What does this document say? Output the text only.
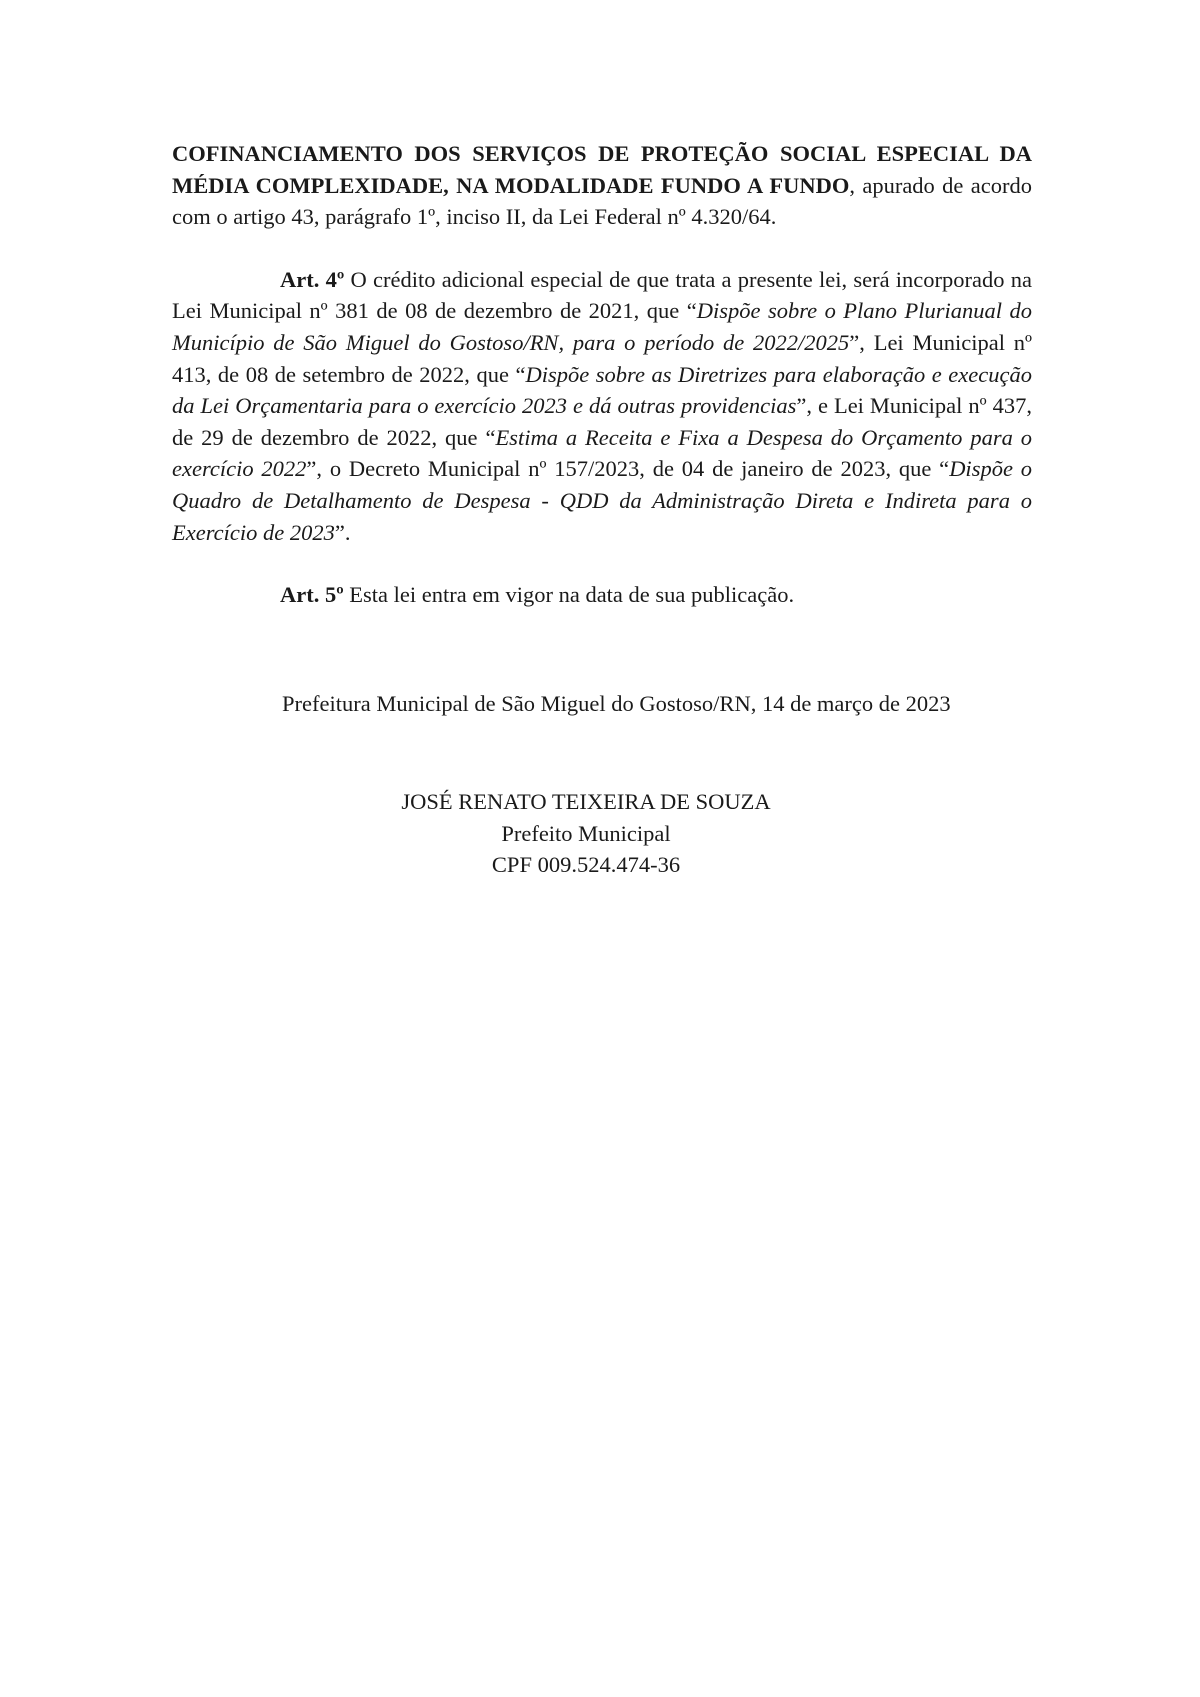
COFINANCIAMENTO DOS SERVIÇOS DE PROTEÇÃO SOCIAL ESPECIAL DA MÉDIA COMPLEXIDADE, NA MODALIDADE FUNDO A FUNDO, apurado de acordo com o artigo 43, parágrafo 1º, inciso II, da Lei Federal nº 4.320/64.

Art. 4º O crédito adicional especial de que trata a presente lei, será incorporado na Lei Municipal nº 381 de 08 de dezembro de 2021, que “Dispõe sobre o Plano Plurianual do Município de São Miguel do Gostoso/RN, para o período de 2022/2025”, Lei Municipal nº 413, de 08 de setembro de 2022, que “Dispõe sobre as Diretrizes para elaboração e execução da Lei Orçamentaria para o exercício 2023 e dá outras providencias”, e Lei Municipal nº 437, de 29 de dezembro de 2022, que “Estima a Receita e Fixa a Despesa do Orçamento para o exercício 2022”, o Decreto Municipal nº 157/2023, de 04 de janeiro de 2023, que “Dispõe o Quadro de Detalhamento de Despesa - QDD da Administração Direta e Indireta para o Exercício de 2023”.

Art. 5º Esta lei entra em vigor na data de sua publicação.

Prefeitura Municipal de São Miguel do Gostoso/RN, 14 de março de 2023
JOSÉ RENATO TEIXEIRA DE SOUZA
Prefeito Municipal
CPF 009.524.474-36
